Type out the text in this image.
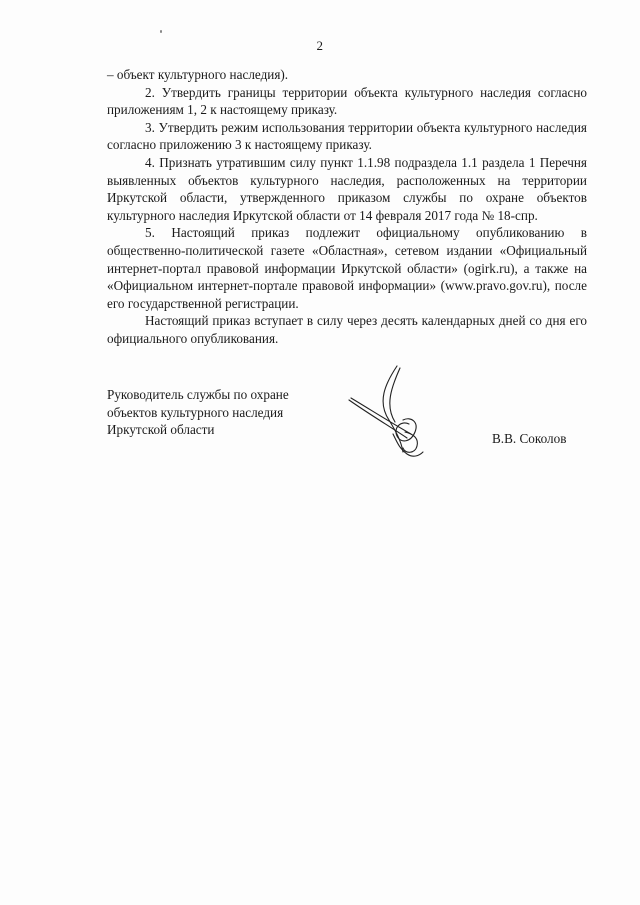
2

– объект культурного наследия).

2. Утвердить границы территории объекта культурного наследия согласно приложениям 1, 2 к настоящему приказу.

3. Утвердить режим использования территории объекта культурного наследия согласно приложению 3 к настоящему приказу.

4. Признать утратившим силу пункт 1.1.98 подраздела 1.1 раздела 1 Перечня выявленных объектов культурного наследия, расположенных на территории Иркутской области, утвержденного приказом службы по охране объектов культурного наследия Иркутской области от 14 февраля 2017 года № 18-спр.

5. Настоящий приказ подлежит официальному опубликованию в общественно-политической газете «Областная», сетевом издании «Официальный интернет-портал правовой информации Иркутской области» (ogirk.ru), а также на «Официальном интернет-портале правовой информации» (www.pravo.gov.ru), после его государственной регистрации.

Настоящий приказ вступает в силу через десять календарных дней со дня его официального опубликования.

Руководитель службы по охране
объектов культурного наследия
Иркутской области
В.В. Соколов
